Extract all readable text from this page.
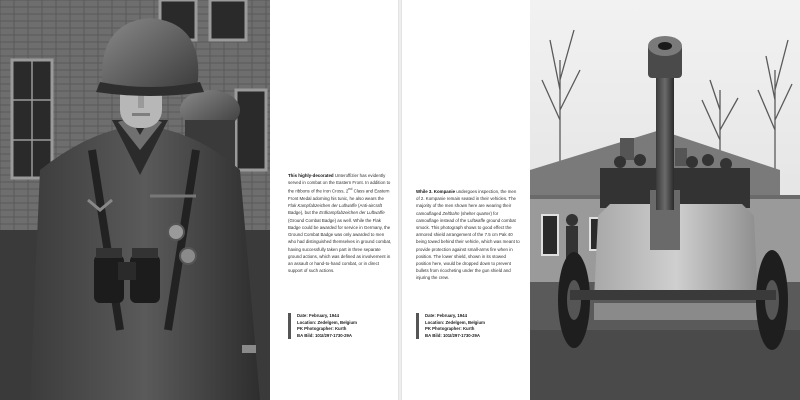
This highly-decorated Unteroffizier has evidently served in combat on the Eastern Front. In addition to the ribbons of the Iron Cross, 2nd Class and Eastern Front Medal adorning his tunic, he also wears the Flak Kampfabzeichen der Luftwaffe (Anti-aircraft Badge), but the Erdkampfabzeichen der Luftwaffe (Ground Combat Badge) as well. While the Flak Badge could be awarded for service in Germany, the Ground Combat Badge was only awarded to men who had distinguished themselves in ground combat, having successfully taken part in three separate ground actions, which was defined as involvement in an assault or hand-to-hand combat, or in direct support of such actions.
Date: February, 1944
Location: Zedelgem, Belgium
PK Photographer: Kurth
BA Bild: 101I/297-1730-29A
While 3. Kompanie undergoes inspection, the men of 2. Kompanie remain seated in their vehicles. The majority of the men shown here are wearing their camouflaged Zeltbahn (shelter quarter) for camouflage instead of the Luftwaffe ground combat smock. This photograph shows to good effect the armored shield arrangement of the 7.5 cm Pak 40 being towed behind their vehicle, which was meant to provide protection against small-arms fire when in position. The lower shield, shown in its stowed position here, would be dropped down to prevent bullets from ricocheting under the gun shield and injuring the crew.
Date: February, 1944
Location: Zedelgem, Belgium
PK Photographer: Kurth
BA Bild: 101I/297-1730-29A
